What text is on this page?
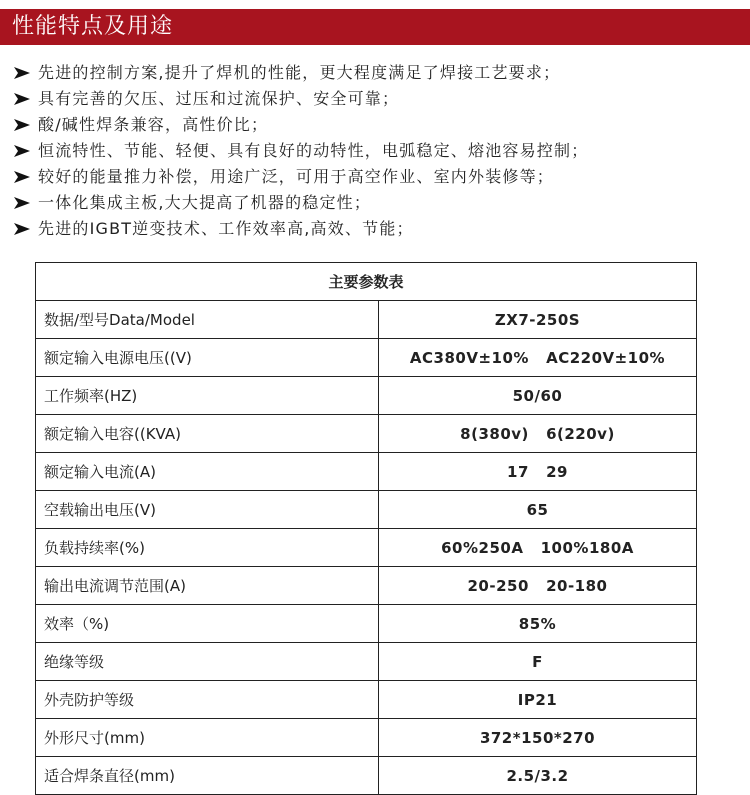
性能特点及用途
先进的控制方案,提升了焊机的性能，更大程度满足了焊接工艺要求；
具有完善的欠压、过压和过流保护、安全可靠；
酸/碱性焊条兼容，高性价比；
恒流特性、节能、轻便、具有良好的动特性，电弧稳定、熔池容易控制；
较好的能量推力补偿，用途广泛，可用于高空作业、室内外装修等；
一体化集成主板,大大提高了机器的稳定性；
先进的IGBT逆变技术、工作效率高,高效、节能；
主要参数表	
数据/型号Data/Model	ZX7-250S
额定输入电源电压((V)	AC380V±10%   AC220V±10%
工作频率(HZ)	50/60
额定输入电容((KVA)	8(380v)   6(220v)
额定输入电流(A)	17   29
空载输出电压(V)	65
负载持续率(%)	60%250A   100%180A
输出电流调节范围(A)	20-250   20-180
效率（%)	85%
绝缘等级	F
外壳防护等级	IP21
外形尺寸(mm)	372*150*270
适合焊条直径(mm)	2.5/3.2
